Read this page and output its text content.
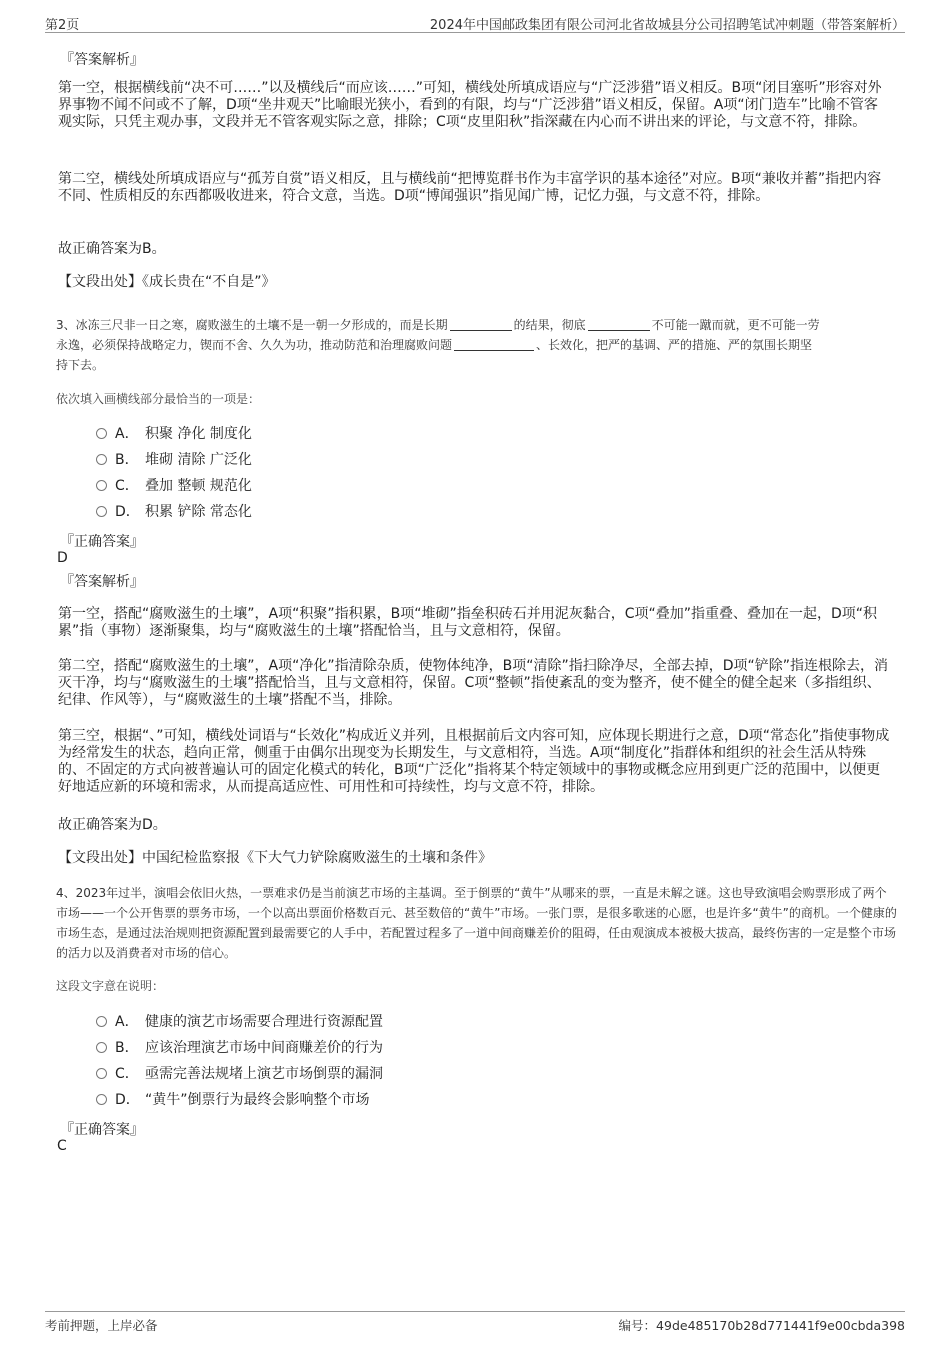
第2页	2024年中国邮政集团有限公司河北省故城县分公司招聘笔试冲刺题（带答案解析）
『答案解析』
第一空，根据横线前“决不可……”以及横线后“而应该……”可知，横线处所填成语应与“广泛涉猎”语义相反。B项“闭目塞听”形容对外界事物不闻不问或不了解，D项“坐井观天”比喻眼光狭小，看到的有限，均与“广泛涉猎”语义相反，保留。A项“闭门造车”比喻不管客观实际，只凭主观办事，文段并无不管客观实际之意，排除；C项“皮里阳秋”指深藏在内心而不讲出来的评论，与文意不符，排除。
第二空，横线处所填成语应与“孤芳自赏”语义相反，且与横线前“把博览群书作为丰富学识的基本途径”对应。B项“兼收并蓄”指把内容不同、性质相反的东西都吸收进来，符合文意，当选。D项“博闻强识”指见闻广博，记忆力强，与文意不符，排除。
故正确答案为B。
【文段出处】《成长贵在“不自是”》
3、冰冻三尺非一日之寒，腐败滋生的土壤不是一朝一夕形成的，而是长期	的结果，彻底	不可能一蹴而就，更不可能一劳
永逸，必须保持战略定力，锲而不舍、久久为功，推动防范和治理腐败问题	、长效化，把严的基调、严的措施、严的氛围长期坚
持下去。
依次填入画横线部分最恰当的一项是：
A． 积聚 净化 制度化
B． 堆砌 清除 广泛化
C． 叠加 整顿 规范化
D． 积累 铲除 常态化
『正确答案』
D
『答案解析』
第一空，搭配“腐败滋生的土壤”，A项“积聚”指积累，B项“堆砌”指垒积砖石并用泥灰黏合，C项“叠加”指重叠、叠加在一起，D项“积累”指（事物）逐渐聚集，均与“腐败滋生的土壤”搭配恰当，且与文意相符，保留。
第二空，搭配“腐败滋生的土壤”，A项“净化”指清除杂质，使物体纯净，B项“清除”指扫除净尽，全部去掉，D项“铲除”指连根除去，消灭干净，均与“腐败滋生的土壤”搭配恰当，且与文意相符，保留。C项“整顿”指使紊乱的变为整齐，使不健全的健全起来（多指组织、纪律、作风等），与“腐败滋生的土壤”搭配不当，排除。
第三空，根据“、”可知，横线处词语与“长效化”构成近义并列，且根据前后文内容可知，应体现长期进行之意，D项“常态化”指使事物成为经常发生的状态，趋向正常，侧重于由偶尔出现变为长期发生，与文意相符，当选。A项“制度化”指群体和组织的社会生活从特殊的、不固定的方式向被普遍认可的固定化模式的转化，B项“广泛化”指将某个特定领域中的事物或概念应用到更广泛的范围中，以便更好地适应新的环境和需求，从而提高适应性、可用性和可持续性，均与文意不符，排除。
故正确答案为D。
【文段出处】中国纪检监察报《下大气力铲除腐败滋生的土壤和条件》
4、2023年过半，演唱会依旧火热，一票难求仍是当前演艺市场的主基调。至于倒票的“黄牛”从哪来的票，一直是未解之谜。这也导致演唱会购票形成了两个市场——一个公开售票的票务市场，一个以高出票面价格数百元、甚至数倍的“黄牛”市场。一张门票，是很多歌迷的心愿，也是许多“黄牛”的商机。一个健康的市场生态，是通过法治规则把资源配置到最需要它的人手中，若配置过程多了一道中间商赚差价的阻碍，任由观演成本被极大拔高，最终伤害的一定是整个市场的活力以及消费者对市场的信心。
这段文字意在说明：
A． 健康的演艺市场需要合理进行资源配置
B． 应该治理演艺市场中间商赚差价的行为
C． 亟需完善法规堵上演艺市场倒票的漏洞
D． “黄牛”倒票行为最终会影响整个市场
『正确答案』
C
考前押题，上岸必备	编号：49de485170b28d771441f9e00cbda398
